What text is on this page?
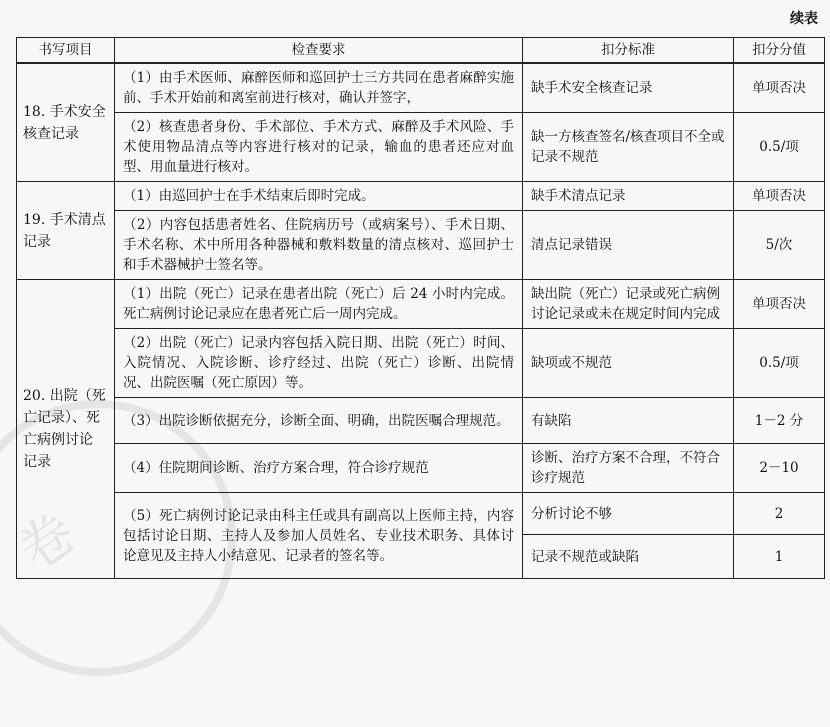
卷
续表
书写项目	检查要求	扣分标准	扣分分值
18. 手术安全核查记录	（1）由手术医师、麻醉医师和巡回护士三方共同在患者麻醉实施前、手术开始前和离室前进行核对，确认并签字，	缺手术安全核查记录	单项否决
	（2）核查患者身份、手术部位、手术方式、麻醉及手术风险、手术使用物品清点等内容进行核对的记录，输血的患者还应对血型、用血量进行核对。	缺一方核查签名/核查项目不全或记录不规范	0.5/项
19. 手术清点记录	（1）由巡回护士在手术结束后即时完成。	缺手术清点记录	单项否决
	（2）内容包括患者姓名、住院病历号（或病案号）、手术日期、手术名称、术中所用各种器械和敷料数量的清点核对、巡回护士和手术器械护士签名等。	清点记录错误	5/次
20. 出院（死亡记录）、死亡病例讨论记录	（1）出院（死亡）记录在患者出院（死亡）后 24 小时内完成。死亡病例讨论记录应在患者死亡后一周内完成。	缺出院（死亡）记录或死亡病例讨论记录或未在规定时间内完成	单项否决
	（2）出院（死亡）记录内容包括入院日期、出院（死亡）时间、入院情况、入院诊断、诊疗经过、出院（死亡）诊断、出院情况、出院医嘱（死亡原因）等。	缺项或不规范	0.5/项
	（3）出院诊断依据充分，诊断全面、明确，出院医嘱合理规范。	有缺陷	1－2 分
	（4）住院期间诊断、治疗方案合理，符合诊疗规范	诊断、治疗方案不合理，不符合诊疗规范	2－10
	（5）死亡病例讨论记录由科主任或具有副高以上医师主持，内容包括讨论日期、主持人及参加人员姓名、专业技术职务、具体讨论意见及主持人小结意见、记录者的签名等。	分析讨论不够	2
		记录不规范或缺陷	1
